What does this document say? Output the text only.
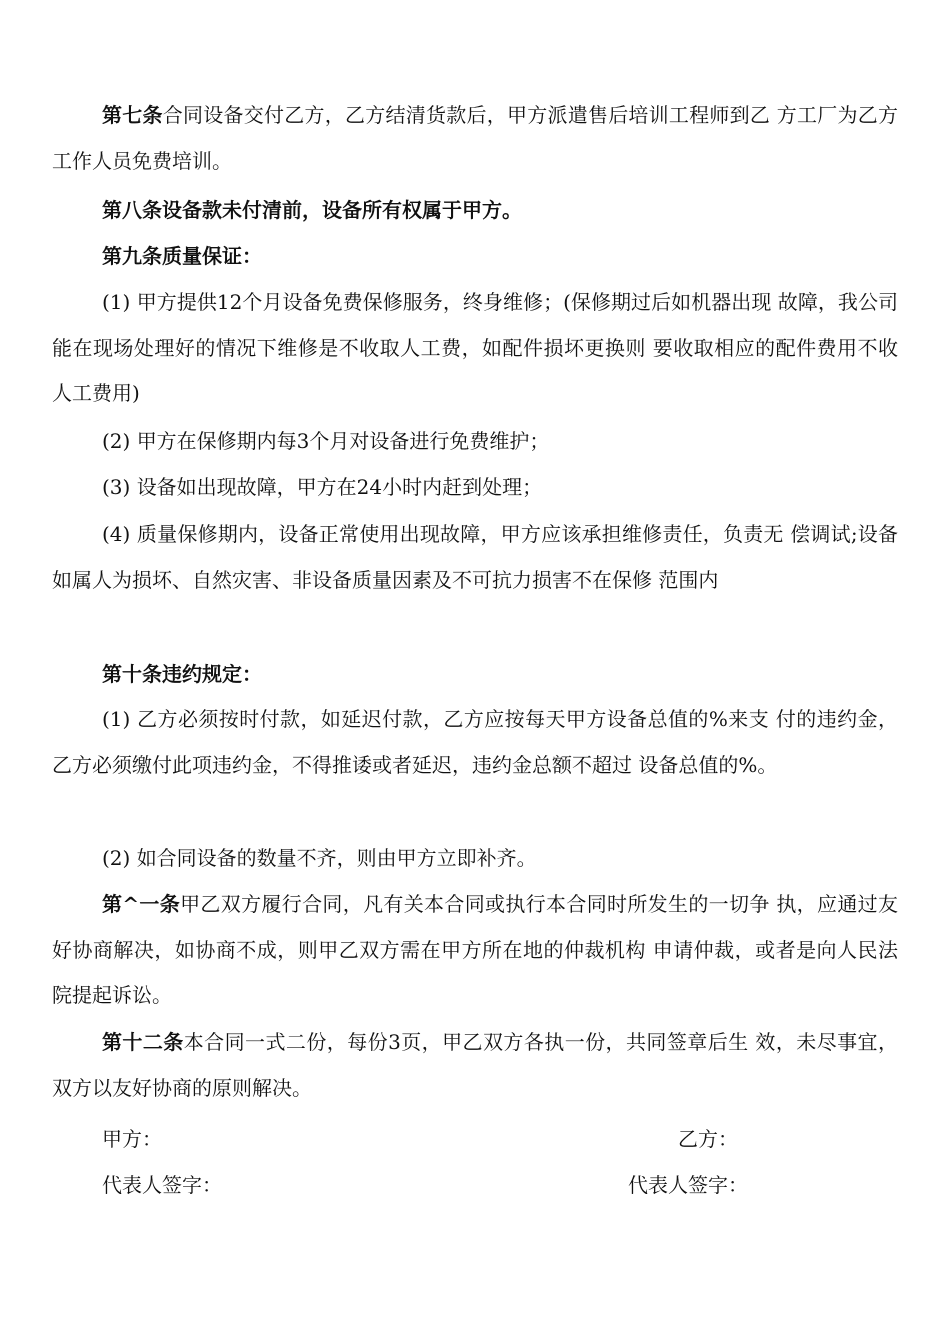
第七条合同设备交付乙方，乙方结清货款后，甲方派遣售后培训工程师到乙 方工厂为乙方工作人员免费培训。

第八条设备款未付清前，设备所有权属于甲方。

第九条质量保证：

(1) 甲方提供12个月设备免费保修服务，终身维修；(保修期过后如机器出现 故障，我公司能在现场处理好的情况下维修是不收取人工费，如配件损坏更换则 要收取相应的配件费用不收人工费用)

(2) 甲方在保修期内每3个月对设备进行免费维护；

(3) 设备如出现故障，甲方在24小时内赶到处理；

(4) 质量保修期内，设备正常使用出现故障，甲方应该承担维修责任，负责无 偿调试;设备如属人为损坏、自然灾害、非设备质量因素及不可抗力损害不在保修 范围内

第十条违约规定：

(1) 乙方必须按时付款，如延迟付款，乙方应按每天甲方设备总值的%来支 付的违约金，乙方必须缴付此项违约金，不得推诿或者延迟，违约金总额不超过 设备总值的%。

(2) 如合同设备的数量不齐，则由甲方立即补齐。

第^一条甲乙双方履行合同，凡有关本合同或执行本合同时所发生的一切争 执，应通过友好协商解决，如协商不成，则甲乙双方需在甲方所在地的仲裁机构 申请仲裁，或者是向人民法院提起诉讼。

第十二条本合同一式二份，每份3页，甲乙双方各执一份，共同签章后生 效，未尽事宜，双方以友好协商的原则解决。

甲方：	乙方：

代表人签字：	代表人签字：
